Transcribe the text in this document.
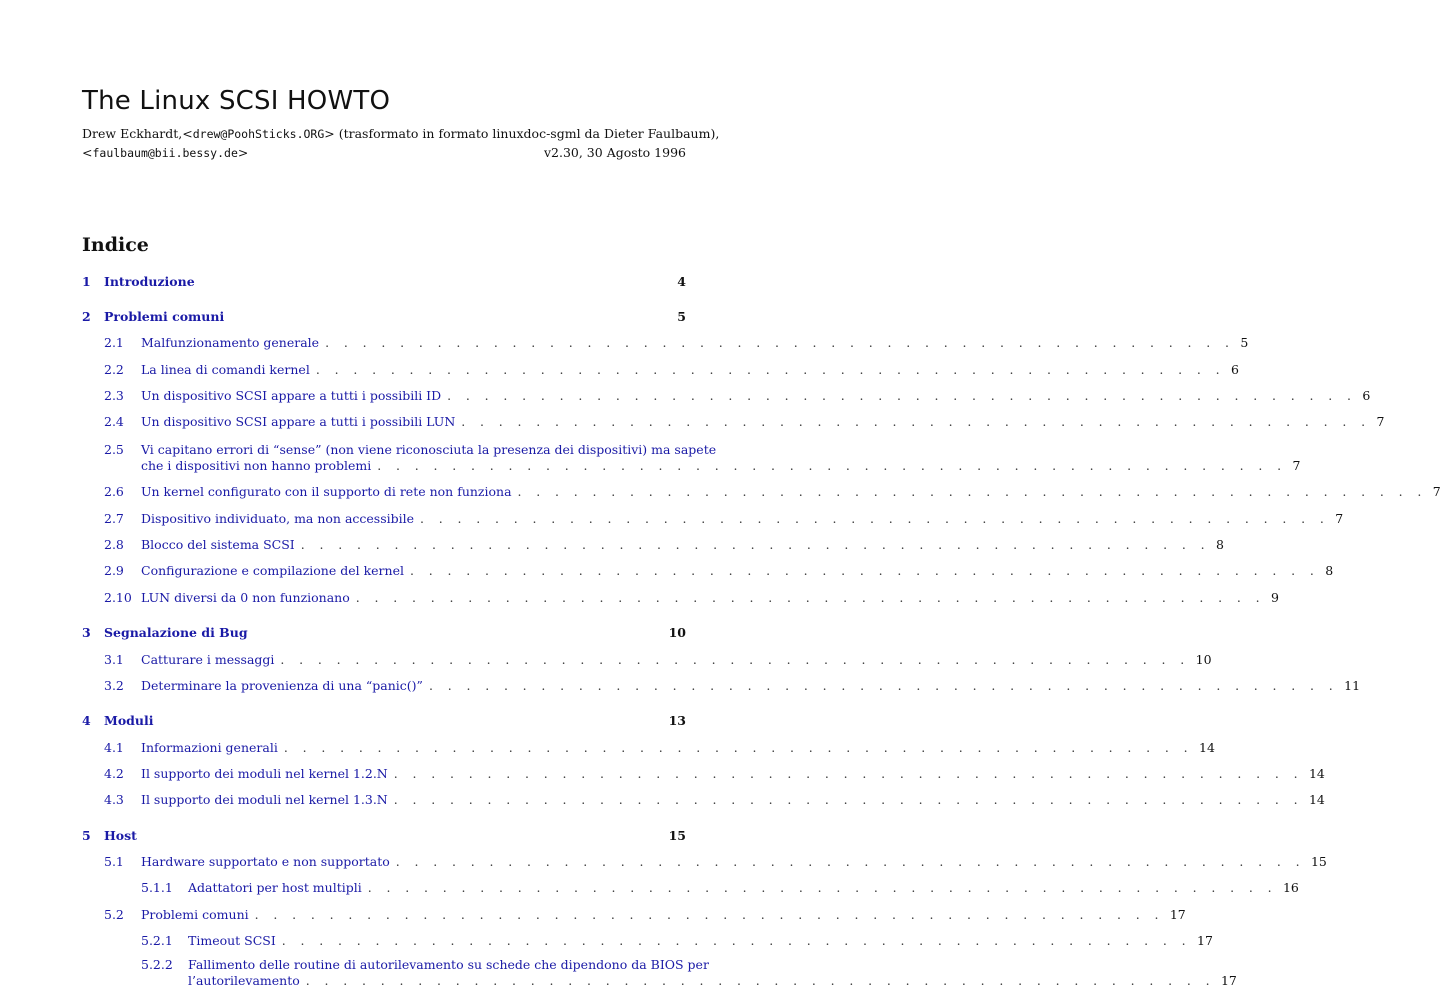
The Linux SCSI HOWTO
Drew Eckhardt,<drew@PoohSticks.ORG> (trasformato in formato linuxdoc-sgml da Dieter Faulbaum),
<faulbaum@bii.bessy.de>	v2.30, 30 Agosto 1996
Indice
1	Introduzione	4
2	Problemi comuni	5
2.1	Malfunzionamento generale . . . . . . . . . . . . . . . . . . . . . . . . . . . . . . . . . . . . . . . . . . . . . . . . . 5
2.2	La linea di comandi kernel . . . . . . . . . . . . . . . . . . . . . . . . . . . . . . . . . . . . . . . . . . . . . . . . . 6
2.3	Un dispositivo SCSI appare a tutti i possibili ID . . . . . . . . . . . . . . . . . . . . . . . . . . . . . . . . . . . . . . . . . . . . . . . . . 6
2.4	Un dispositivo SCSI appare a tutti i possibili LUN . . . . . . . . . . . . . . . . . . . . . . . . . . . . . . . . . . . . . . . . . . . . . . . . . 7
2.5	Vi capitano errori di “sense” (non viene riconosciuta la presenza dei dispositivi) ma sapete
che i dispositivi non hanno problemi . . . . . . . . . . . . . . . . . . . . . . . . . . . . . . . . . . . . . . . . . . . . . . . . . 7
2.6	Un kernel configurato con il supporto di rete non funziona . . . . . . . . . . . . . . . . . . . . . . . . . . . . . . . . . . . . . . . . . . . . . . . . . 7
2.7	Dispositivo individuato, ma non accessibile . . . . . . . . . . . . . . . . . . . . . . . . . . . . . . . . . . . . . . . . . . . . . . . . . 7
2.8	Blocco del sistema SCSI . . . . . . . . . . . . . . . . . . . . . . . . . . . . . . . . . . . . . . . . . . . . . . . . . 8
2.9	Configurazione e compilazione del kernel . . . . . . . . . . . . . . . . . . . . . . . . . . . . . . . . . . . . . . . . . . . . . . . . . 8
2.10 LUN diversi da 0 non funzionano . . . . . . . . . . . . . . . . . . . . . . . . . . . . . . . . . . . . . . . . . . . . . . . . . 9
3	Segnalazione di Bug	10
3.1	Catturare i messaggi . . . . . . . . . . . . . . . . . . . . . . . . . . . . . . . . . . . . . . . . . . . . . . . . . 10
3.2	Determinare la provenienza di una “panic()” . . . . . . . . . . . . . . . . . . . . . . . . . . . . . . . . . . . . . . . . . . . . . . . . . 11
4	Moduli	13
4.1	Informazioni generali . . . . . . . . . . . . . . . . . . . . . . . . . . . . . . . . . . . . . . . . . . . . . . . . . 14
4.2	Il supporto dei moduli nel kernel 1.2.N . . . . . . . . . . . . . . . . . . . . . . . . . . . . . . . . . . . . . . . . . . . . . . . . . 14
4.3	Il supporto dei moduli nel kernel 1.3.N . . . . . . . . . . . . . . . . . . . . . . . . . . . . . . . . . . . . . . . . . . . . . . . . . 14
5	Host	15
5.1	Hardware supportato e non supportato . . . . . . . . . . . . . . . . . . . . . . . . . . . . . . . . . . . . . . . . . . . . . . . . . 15
5.1.1	Adattatori per host multipli . . . . . . . . . . . . . . . . . . . . . . . . . . . . . . . . . . . . . . . . . . . . . . . . . 16
5.2	Problemi comuni . . . . . . . . . . . . . . . . . . . . . . . . . . . . . . . . . . . . . . . . . . . . . . . . . 17
5.2.1	Timeout SCSI . . . . . . . . . . . . . . . . . . . . . . . . . . . . . . . . . . . . . . . . . . . . . . . . . 17
5.2.2	Fallimento delle routine di autorilevamento su schede che dipendono da BIOS per
l’autorilevamento . . . . . . . . . . . . . . . . . . . . . . . . . . . . . . . . . . . . . . . . . . . . . . . . . 17
